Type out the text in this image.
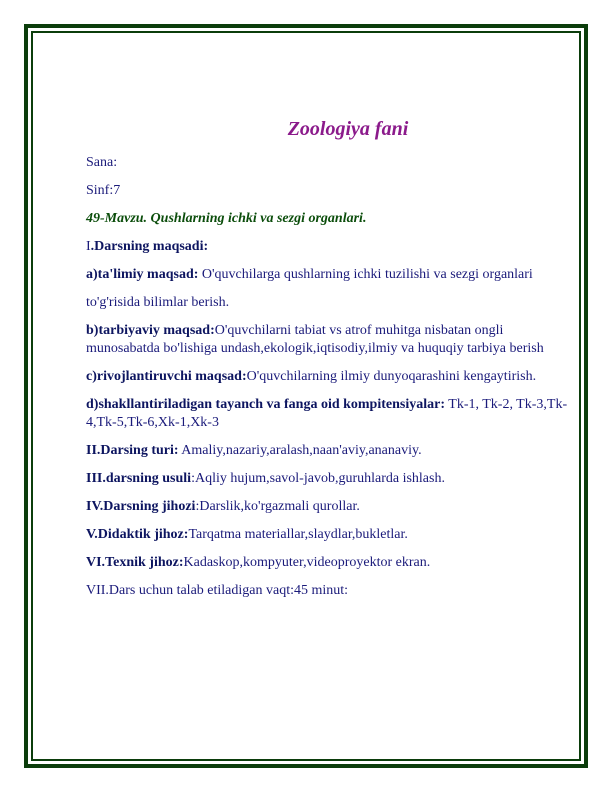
Zoologiya fani

Sana:

Sinf:7

49-Mavzu. Qushlarning ichki va sezgi organlari.

I.Darsning maqsadi:

a)ta'limiy maqsad: O'quvchilarga qushlarning ichki tuzilishi va sezgi organlari

to'g'risida bilimlar berish.

b)tarbiyaviy maqsad:O'quvchilarni tabiat vs atrof muhitga nisbatan ongli munosabatda bo'lishiga undash,ekologik,iqtisodiy,ilmiy va huquqiy tarbiya berish

c)rivojlantiruvchi maqsad:O'quvchilarning ilmiy dunyoqarashini kengaytirish.

d)shakllantiriladigan tayanch va fanga oid kompitensiyalar: Tk-1, Tk-2, Tk-3,Tk-4,Tk-5,Tk-6,Xk-1,Xk-3

II.Darsing turi: Amaliy,nazariy,aralash,naan'aviy,ananaviy.

III.darsning usuli:Aqliy hujum,savol-javob,guruhlarda ishlash.

IV.Darsning jihozi:Darslik,ko'rgazmali qurollar.

V.Didaktik jihoz:Tarqatma materiallar,slaydlar,bukletlar.

VI.Texnik jihoz:Kadaskop,kompyuter,videoproyektor ekran.

VII.Dars uchun talab etiladigan vaqt:45 minut:
